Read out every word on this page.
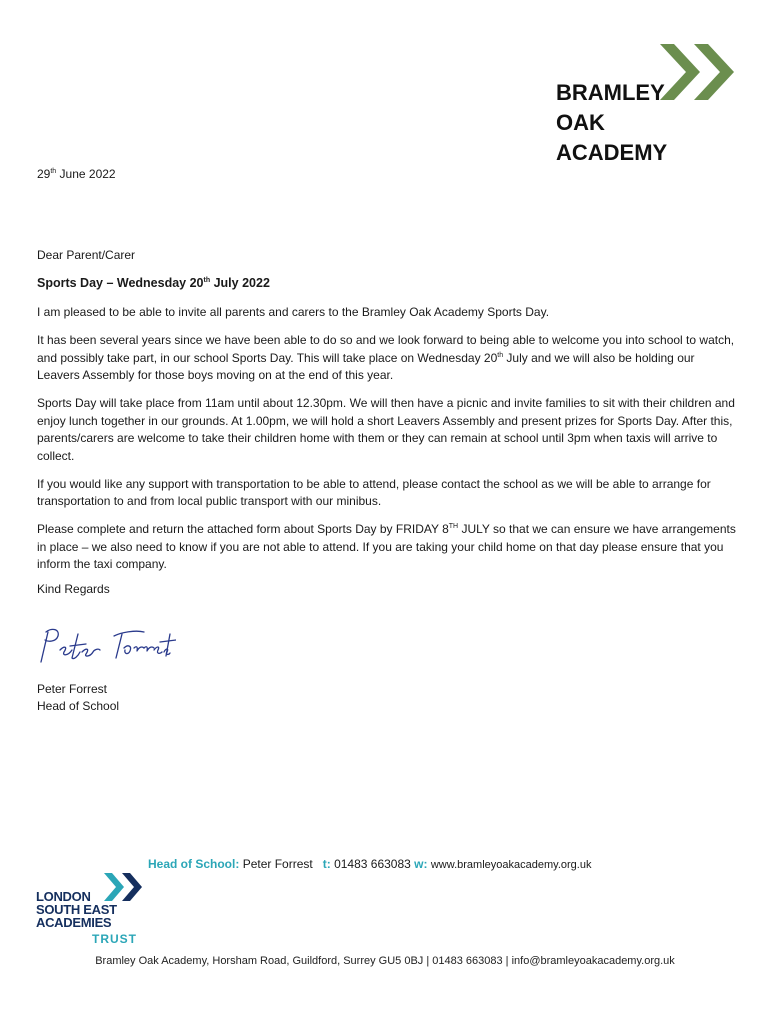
BRAMLEY
OAK
ACADEMY
29th June 2022
Dear Parent/Carer
Sports Day – Wednesday 20th July 2022

I am pleased to be able to invite all parents and carers to the Bramley Oak Academy Sports Day.

It has been several years since we have been able to do so and we look forward to being able to welcome you into school to watch, and possibly take part, in our school Sports Day. This will take place on Wednesday 20th July and we will also be holding our Leavers Assembly for those boys moving on at the end of this year.

Sports Day will take place from 11am until about 12.30pm. We will then have a picnic and invite families to sit with their children and enjoy lunch together in our grounds. At 1.00pm, we will hold a short Leavers Assembly and present prizes for Sports Day. After this, parents/carers are welcome to take their children home with them or they can remain at school until 3pm when taxis will arrive to collect.

If you would like any support with transportation to be able to attend, please contact the school as we will be able to arrange for transportation to and from local public transport with our minibus.

Please complete and return the attached form about Sports Day by FRIDAY 8TH JULY so that we can ensure we have arrangements in place – we also need to know if you are not able to attend. If you are taking your child home on that day please ensure that you inform the taxi company.

Kind Regards
Peter Forrest
Head of School
Head of School: Peter Forrest t: 01483 663083 w: www.bramleyoakacademy.org.uk
LONDON
SOUTH EAST
ACADEMIES
TRUST
Bramley Oak Academy, Horsham Road, Guildford, Surrey GU5 0BJ | 01483 663083 | info@bramleyoakacademy.org.uk
